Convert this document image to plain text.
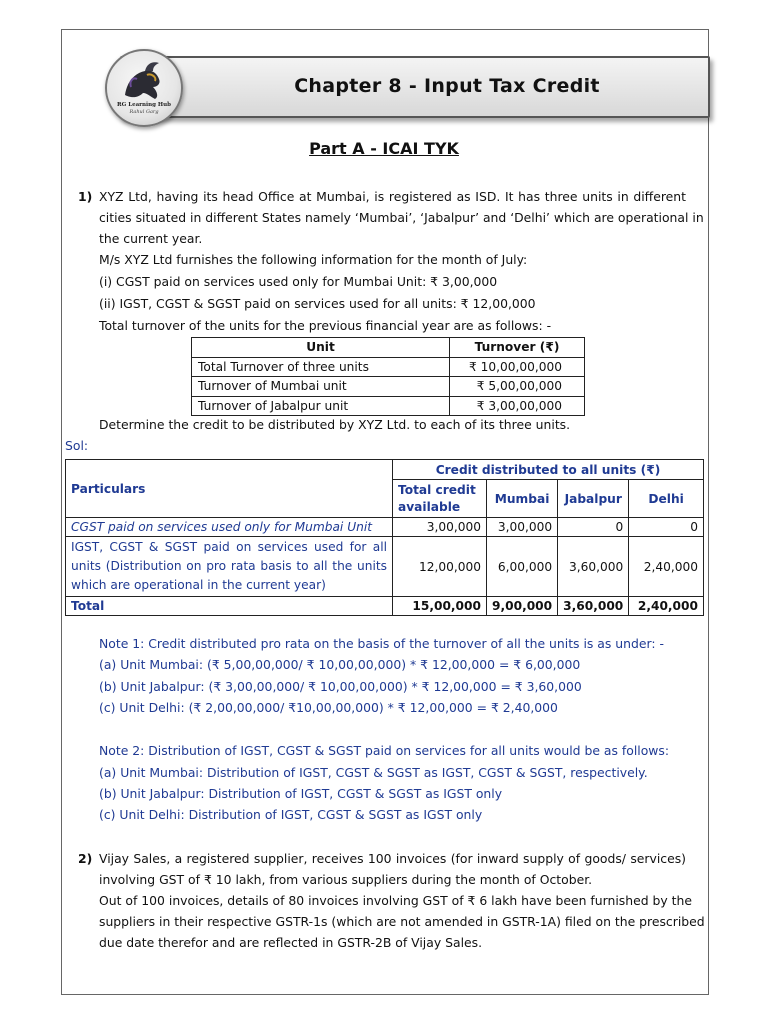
Chapter 8 - Input Tax Credit
RG Learning Hub
Rahul Garg
Part A - ICAI TYK
1) XYZ Ltd, having its head Office at Mumbai, is registered as ISD. It has three units in different
cities situated in different States namely ‘Mumbai’, ‘Jabalpur’ and ‘Delhi’ which are operational in
the current year.
M/s XYZ Ltd furnishes the following information for the month of July:
(i) CGST paid on services used only for Mumbai Unit: ₹ 3,00,000
(ii) IGST, CGST & SGST paid on services used for all units: ₹ 12,00,000
Total turnover of the units for the previous financial year are as follows: -
Unit	Turnover (₹)
Total Turnover of three units	₹ 10,00,00,000
Turnover of Mumbai unit	₹ 5,00,00,000
Turnover of Jabalpur unit	₹ 3,00,00,000
Determine the credit to be distributed by XYZ Ltd. to each of its three units.
Sol:
Particulars	Credit distributed to all units (₹)			
	Total credit available	Mumbai	Jabalpur	Delhi
CGST paid on services used only for Mumbai Unit	3,00,000	3,00,000	0	0
IGST, CGST & SGST paid on services used for all units (Distribution on pro rata basis to all the units which are operational in the current year)	12,00,000	6,00,000	3,60,000	2,40,000
Total	15,00,000	9,00,000	3,60,000	2,40,000
Note 1: Credit distributed pro rata on the basis of the turnover of all the units is as under: -
(a) Unit Mumbai: (₹ 5,00,00,000/ ₹ 10,00,00,000) * ₹ 12,00,000 = ₹ 6,00,000
(b) Unit Jabalpur: (₹ 3,00,00,000/ ₹ 10,00,00,000) * ₹ 12,00,000 = ₹ 3,60,000
(c) Unit Delhi: (₹ 2,00,00,000/ ₹10,00,00,000) * ₹ 12,00,000 = ₹ 2,40,000
Note 2: Distribution of IGST, CGST & SGST paid on services for all units would be as follows:
(a) Unit Mumbai: Distribution of IGST, CGST & SGST as IGST, CGST & SGST, respectively.
(b) Unit Jabalpur: Distribution of IGST, CGST & SGST as IGST only
(c) Unit Delhi: Distribution of IGST, CGST & SGST as IGST only
2) Vijay Sales, a registered supplier, receives 100 invoices (for inward supply of goods/ services)
involving GST of ₹ 10 lakh, from various suppliers during the month of October.
Out of 100 invoices, details of 80 invoices involving GST of ₹ 6 lakh have been furnished by the
suppliers in their respective GSTR-1s (which are not amended in GSTR-1A) filed on the prescribed
due date therefor and are reflected in GSTR-2B of Vijay Sales.
